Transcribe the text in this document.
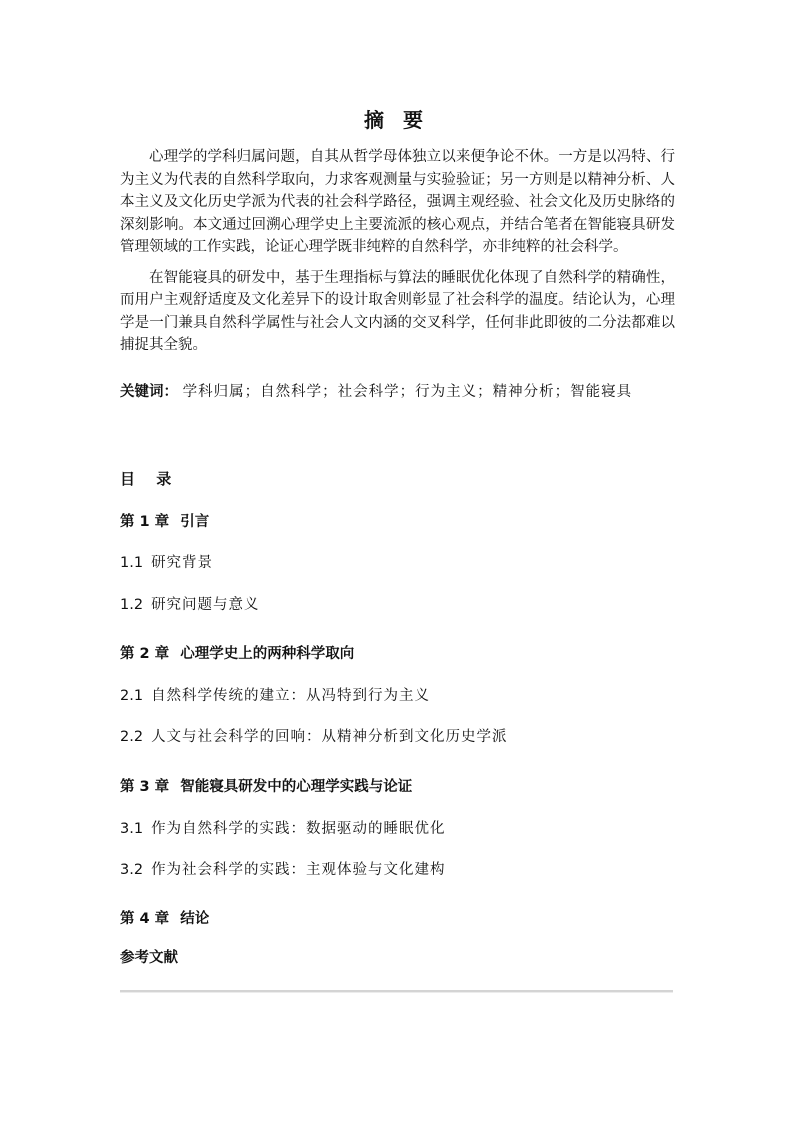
摘 要

心理学的学科归属问题，自其从哲学母体独立以来便争论不休。一方是以冯特、行为主义为代表的自然科学取向，力求客观测量与实验验证；另一方则是以精神分析、人本主义及文化历史学派为代表的社会科学路径，强调主观经验、社会文化及历史脉络的深刻影响。本文通过回溯心理学史上主要流派的核心观点，并结合笔者在智能寝具研发管理领域的工作实践，论证心理学既非纯粹的自然科学，亦非纯粹的社会科学。

在智能寝具的研发中，基于生理指标与算法的睡眠优化体现了自然科学的精确性，而用户主观舒适度及文化差异下的设计取舍则彰显了社会科学的温度。结论认为，心理学是一门兼具自然科学属性与社会人文内涵的交叉科学，任何非此即彼的二分法都难以捕捉其全貌。

关键词： 学科归属；自然科学；社会科学；行为主义；精神分析；智能寝具
目 录
第 1 章 引言
1.1 研究背景
1.2 研究问题与意义
第 2 章 心理学史上的两种科学取向
2.1 自然科学传统的建立：从冯特到行为主义
2.2 人文与社会科学的回响：从精神分析到文化历史学派
第 3 章 智能寝具研发中的心理学实践与论证
3.1 作为自然科学的实践：数据驱动的睡眠优化
3.2 作为社会科学的实践：主观体验与文化建构
第 4 章 结论
参考文献
